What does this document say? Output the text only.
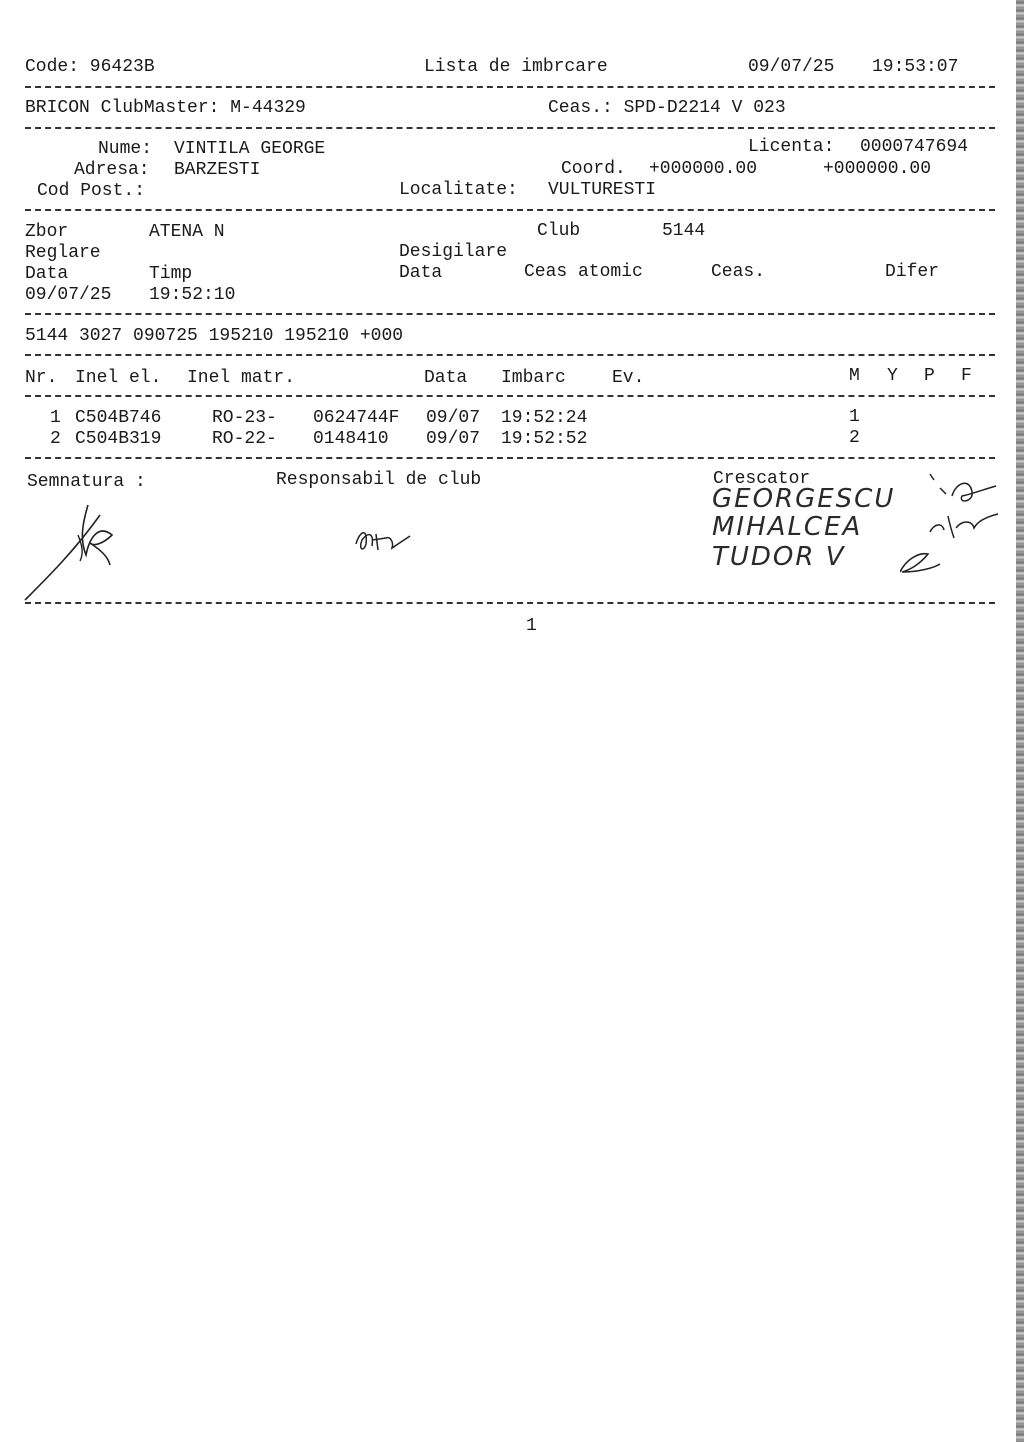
Code: 96423B	Lista de imbrcare	09/07/25 19:53:07
BRICON ClubMaster: M-44329	Ceas.: SPD-D2214 V 023
Nume: VINTILA GEORGE	Licenta: 0000747694
Adresa: BARZESTI	Coord. +000000.00	+000000.00
Cod Post.:	Localitate: VULTURESTI
Zbor	ATENA N	Club	5144
Reglare	Desigilare
Data	Timp	Data	Ceas atomic	Ceas.	Difer
09/07/25 19:52:10
5144 3027 090725 195210 195210 +000
Nr. Inel el. Inel matr.	Data Imbarc	Ev.	M Y P F
1 C504B746	RO-23- 0624744F 09/07 19:52:24	1
2 C504B319	RO-22- 0148410 09/07 19:52:52	2
Semnatura :	Responsabil de club	Crescator
GEORGESCU
MIHALCEA
TUDOR V
1
